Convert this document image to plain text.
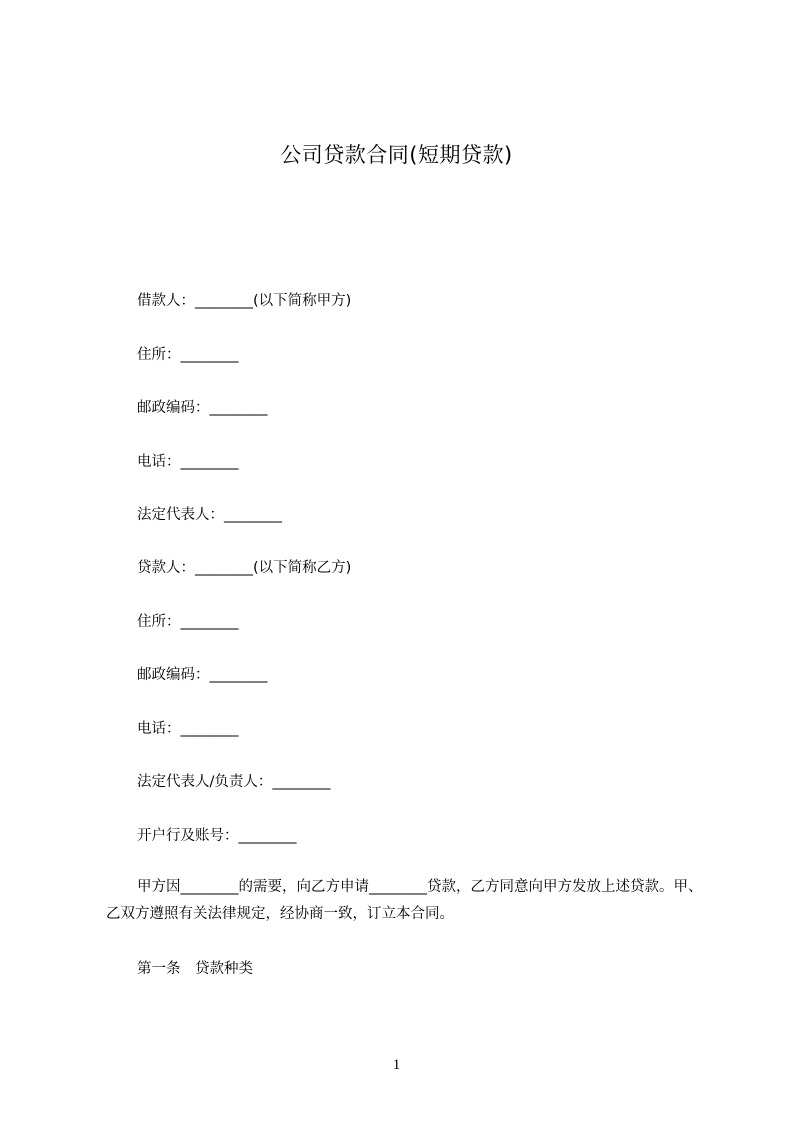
公司贷款合同(短期贷款)
借款人：________(以下简称甲方)
住所：________
邮政编码：________
电话：________
法定代表人：________
贷款人：________(以下简称乙方)
住所：________
邮政编码：________
电话：________
法定代表人/负责人：________
开户行及账号：________
甲方因________的需要，向乙方申请________贷款，乙方同意向甲方发放上述贷款。甲、乙双方遵照有关法律规定，经协商一致，订立本合同。
第一条　贷款种类
1
